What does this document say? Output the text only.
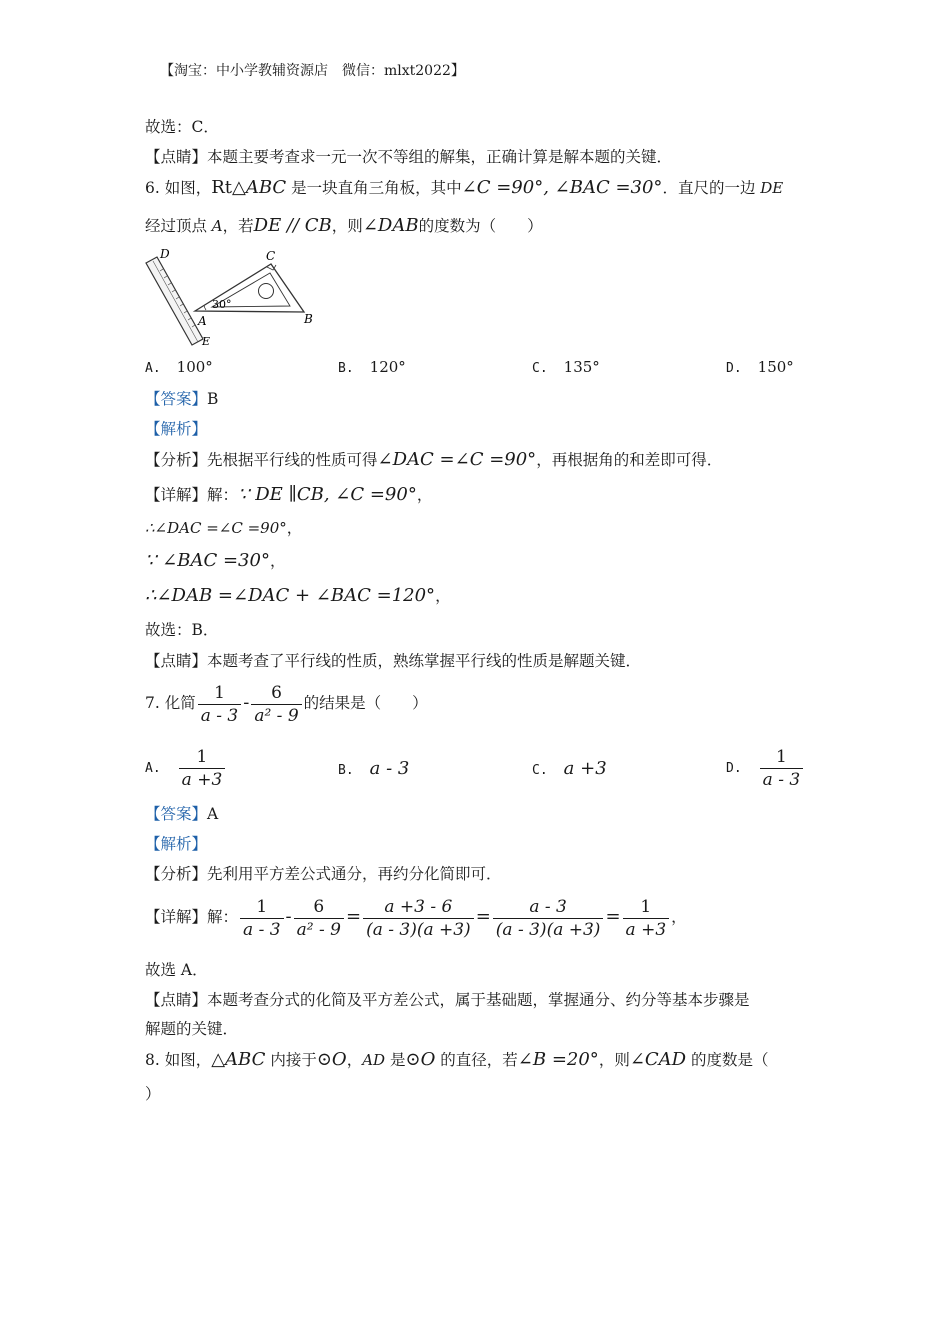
【淘宝：中小学教辅资源店　微信：mlxt2022】
故选：C．
【点睛】本题主要考查求一元一次不等组的解集，正确计算是解本题的关键．
6. 如图，Rt△ABC 是一块直角三角板，其中∠C =90°, ∠BAC =30°．直尺的一边 DE
经过顶点 A，若DE // CB，则∠DAB的度数为（　　）
D	C
A	B
E
30°
A. 100°	B. 120°	C. 135°	D. 150°
【答案】B
【解析】
【分析】先根据平行线的性质可得∠DAC =∠C =90°，再根据角的和差即可得．
【详解】解：∵ DE ∥CB, ∠C =90°，
∴∠DAC =∠C =90°，
∵ ∠BAC =30°，
∴∠DAB =∠DAC + ∠BAC =120°，
故选：B．
【点睛】本题考查了平行线的性质，熟练掌握平行线的性质是解题关键．
7. 化简 $\frac{1}{a - 3} - \frac{6}{\text{a² - 9}}$ 的结果是（　　）
A. $\frac{1}{a +3}$	B. a - 3	C. a +3	D. $\frac{1}{a - 3}$
【答案】A
【解析】
【分析】先利用平方差公式通分，再约分化简即可．
【详解】解： $\frac{1}{a - 3} - \frac{6}{\text{a² - 9}} = \frac{a +3 - 6}{(a - 3)(a +3)} = \frac{a - 3}{(a - 3)(a +3)} = \frac{1}{a +3}$ ，
故选 A．
【点睛】本题考查分式的化简及平方差公式，属于基础题，掌握通分、约分等基本步骤是
解题的关键．
8. 如图，△ABC 内接于⊙O，AD 是⊙O 的直径，若∠B =20°，则∠CAD 的度数是（
）
